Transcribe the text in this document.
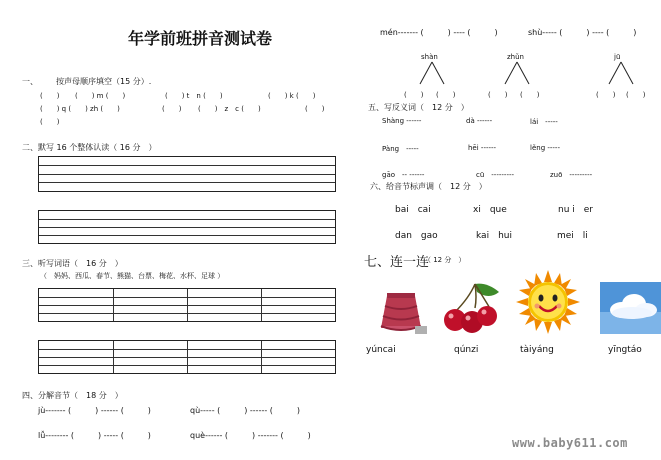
年学前班拼音测试卷
一、 按声母顺序填空（15 分）.
(　　) (　　) m (　　)	(　　) t　n (　　)	(　　) k (　　)
(　　) q (　　) zh (　　)	(　　) (　　)　z　c (　　)	(　　)
(　　)
二、默写 16 个整体认读（ 16 分　）
三、听写词语（　16 分　）
（　妈妈、西瓜、春节、熊猫、台票、梅花、水杯、足球 ）
四、分解音节（　18 分　）
jù------- (　　　) ------ (　　　)	qù----- (　　　) ------ (　　　)
lǚ-------- (　　　) ----- (　　　)	què------ (　　　) ------- (　　　)
mén------- (　　　) ---- (　　　)	shù----- (　　　) ---- (　　　)
shàn	zhǔn	jū
(　　) (　　)	(　　) (　　)	(　　) (　　)
五、写反义词（　12 分　）
Shàng ------	dà ------	lái　-----
Pàng　-----	hēi ------	lěng -----
gāo　-- ------	cū　---------	zuō　---------
六、给音节标声调（　12 分　）
bai　cai	xi　que	nu i　er
dan　gao	kai　hui	mei　li
七、连一连
（ 12 分　）
yúncai	qúnzi	tàiyáng	yīngtáo
www.baby611.com
